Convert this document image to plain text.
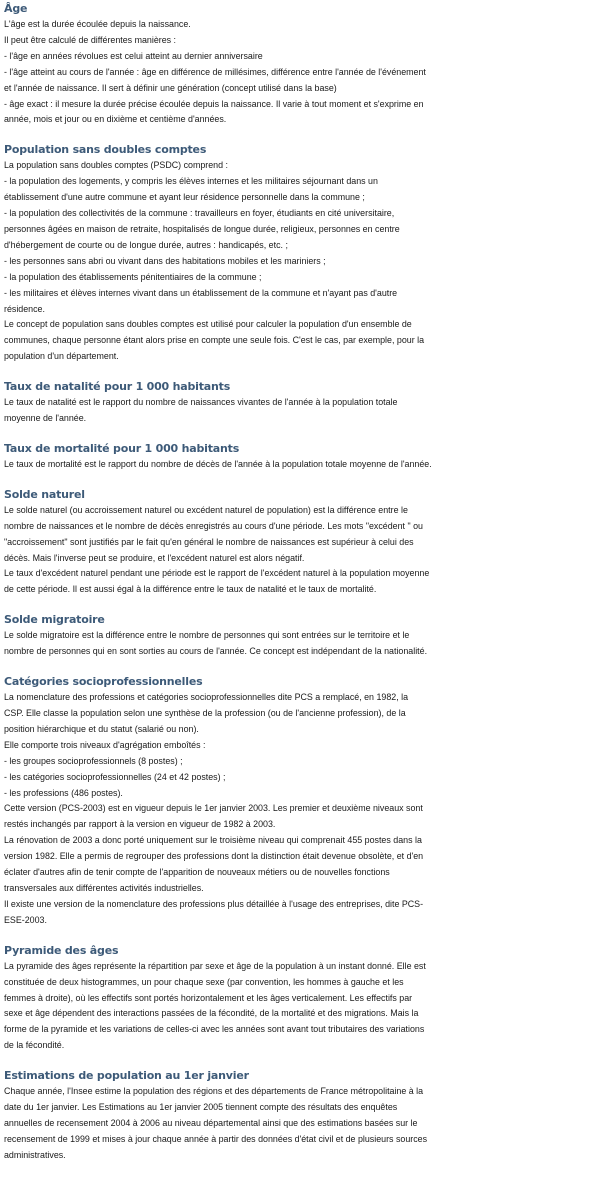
Âge
L'âge est la durée écoulée depuis la naissance.
Il peut être calculé de différentes manières :
- l'âge en années révolues est celui atteint au dernier anniversaire
- l'âge atteint au cours de l'année : âge en différence de millésimes, différence entre l'année de l'événement
et l'année de naissance. Il sert à définir une génération (concept utilisé dans la base)
- âge exact : il mesure la durée précise écoulée depuis la naissance. Il varie à tout moment et s'exprime en
année, mois et jour ou en dixième et centième d'années.
Population sans doubles comptes
La population sans doubles comptes (PSDC) comprend :
- la population des logements, y compris les élèves internes et les militaires séjournant dans un
établissement d'une autre commune et ayant leur résidence personnelle dans la commune ;
- la population des collectivités de la commune : travailleurs en foyer, étudiants en cité universitaire,
personnes âgées en maison de retraite, hospitalisés de longue durée, religieux, personnes en centre
d'hébergement de courte ou de longue durée, autres : handicapés, etc. ;
- les personnes sans abri ou vivant dans des habitations mobiles et les mariniers ;
- la population des établissements pénitentiaires de la commune ;
- les militaires et élèves internes vivant dans un établissement de la commune et n'ayant pas d'autre
résidence.
Le concept de population sans doubles comptes est utilisé pour calculer la population d'un ensemble de
communes, chaque personne étant alors prise en compte une seule fois. C'est le cas, par exemple, pour la
population d'un département.
Taux de natalité pour 1 000 habitants
Le taux de natalité est le rapport du nombre de naissances vivantes de l'année à la population totale
moyenne de l'année.
Taux de mortalité pour 1 000 habitants
Le taux de mortalité est le rapport du nombre de décès de l'année à la population totale moyenne de l'année.
Solde naturel
Le solde naturel (ou accroissement naturel ou excédent naturel de population) est la différence entre le
nombre de naissances et le nombre de décès enregistrés au cours d'une période. Les mots "excédent " ou
"accroissement" sont justifiés par le fait qu'en général le nombre de naissances est supérieur à celui des
décès. Mais l'inverse peut se produire, et l'excédent naturel est alors négatif.
Le taux d'excédent naturel pendant une période est le rapport de l'excédent naturel à la population moyenne
de cette période. Il est aussi égal à la différence entre le taux de natalité et le taux de mortalité.
Solde migratoire
Le solde migratoire est la différence entre le nombre de personnes qui sont entrées sur le territoire et le
nombre de personnes qui en sont sorties au cours de l'année. Ce concept est indépendant de la nationalité.
Catégories socioprofessionnelles
La nomenclature des professions et catégories socioprofessionnelles dite PCS a remplacé, en 1982, la
CSP. Elle classe la population selon une synthèse de la profession (ou de l'ancienne profession), de la
position hiérarchique et du statut (salarié ou non).
Elle comporte trois niveaux d'agrégation emboîtés :
- les groupes socioprofessionnels (8 postes) ;
- les catégories socioprofessionnelles (24 et 42 postes) ;
- les professions (486 postes).
Cette version (PCS-2003) est en vigueur depuis le 1er janvier 2003. Les premier et deuxième niveaux sont
restés inchangés par rapport à la version en vigueur de 1982 à 2003.
La rénovation de 2003 a donc porté uniquement sur le troisième niveau qui comprenait 455 postes dans la
version 1982. Elle a permis de regrouper des professions dont la distinction était devenue obsolète, et d'en
éclater d'autres afin de tenir compte de l'apparition de nouveaux métiers ou de nouvelles fonctions
transversales aux différentes activités industrielles.
Il existe une version de la nomenclature des professions plus détaillée à l'usage des entreprises, dite PCS-
ESE-2003.
Pyramide des âges
La pyramide des âges représente la répartition par sexe et âge de la population à un instant donné. Elle est
constituée de deux histogrammes, un pour chaque sexe (par convention, les hommes à gauche et les
femmes à droite), où les effectifs sont portés horizontalement et les âges verticalement. Les effectifs par
sexe et âge dépendent des interactions passées de la fécondité, de la mortalité et des migrations. Mais la
forme de la pyramide et les variations de celles-ci avec les années sont avant tout tributaires des variations
de la fécondité.
Estimations de population au 1er janvier
Chaque année, l'Insee estime la population des régions et des départements de France métropolitaine à la
date du 1er janvier. Les Estimations au 1er janvier 2005 tiennent compte des résultats des enquêtes
annuelles de recensement 2004 à 2006 au niveau départemental ainsi que des estimations basées sur le
recensement de 1999 et mises à jour chaque année à partir des données d'état civil et de plusieurs sources
administratives.
